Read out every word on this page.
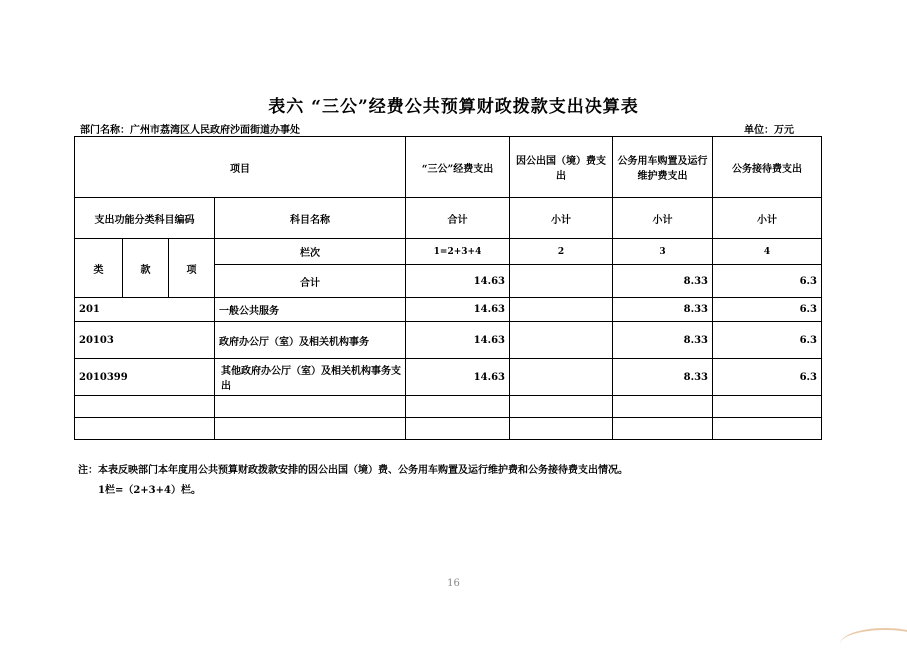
表六 “三公”经费公共预算财政拨款支出决算表
部门名称：广州市荔湾区人民政府沙面街道办事处	单位：万元
项目				“三公”经费支出	因公出国（境）费支出	公务用车购置及运行维护费支出	公务接待费支出
支出功能分类科目编码			科目名称	合计	小计	小计	小计
类	款	项	栏次	1=2+3+4	2	3	4
			合计	14.63		8.33	6.3
201			一般公共服务	14.63		8.33	6.3
20103			政府办公厅（室）及相关机构事务	14.63		8.33	6.3
2010399			其他政府办公厅（室）及相关机构事务支出	14.63		8.33	6.3

注：本表反映部门本年度用公共预算财政拨款安排的因公出国（境）费、公务用车购置及运行维护费和公务接待费支出情况。
1栏=（2+3+4）栏。
16
